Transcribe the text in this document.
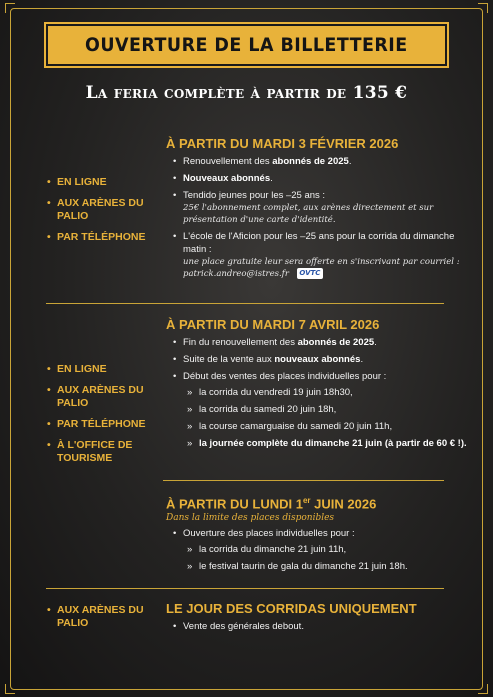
OUVERTURE DE LA BILLETTERIE
La feria complète à partir de 135 €
• EN LIGNE
• AUX ARÈNES DU PALIO
• PAR TÉLÉPHONE
À PARTIR DU MARDI 3 FÉVRIER 2026
• Renouvellement des abonnés de 2025.
• Nouveaux abonnés.
• Tendido jeunes pour les –25 ans :
25€ l'abonnement complet, aux arènes directement et sur présentation d'une carte d'identité.
• L'école de l'Aficion pour les –25 ans pour la corrida du dimanche matin :
une place gratuite leur sera offerte en s'inscrivant par courriel : patrick.andreo@istres.fr OVTC
• EN LIGNE
• AUX ARÈNES DU PALIO
• PAR TÉLÉPHONE
• À L'OFFICE DE TOURISME
À PARTIR DU MARDI 7 AVRIL 2026
• Fin du renouvellement des abonnés de 2025.
• Suite de la vente aux nouveaux abonnés.
• Début des ventes des places individuelles pour :
» la corrida du vendredi 19 juin 18h30,
» la corrida du samedi 20 juin 18h,
» la course camarguaise du samedi 20 juin 11h,
» la journée complète du dimanche 21 juin (à partir de 60 € !).
À PARTIR DU LUNDI 1er JUIN 2026
Dans la limite des places disponibles
• Ouverture des places individuelles pour :
» la corrida du dimanche 21 juin 11h,
» le festival taurin de gala du dimanche 21 juin 18h.
• AUX ARÈNES DU PALIO
LE JOUR DES CORRIDAS UNIQUEMENT
• Vente des générales debout.
